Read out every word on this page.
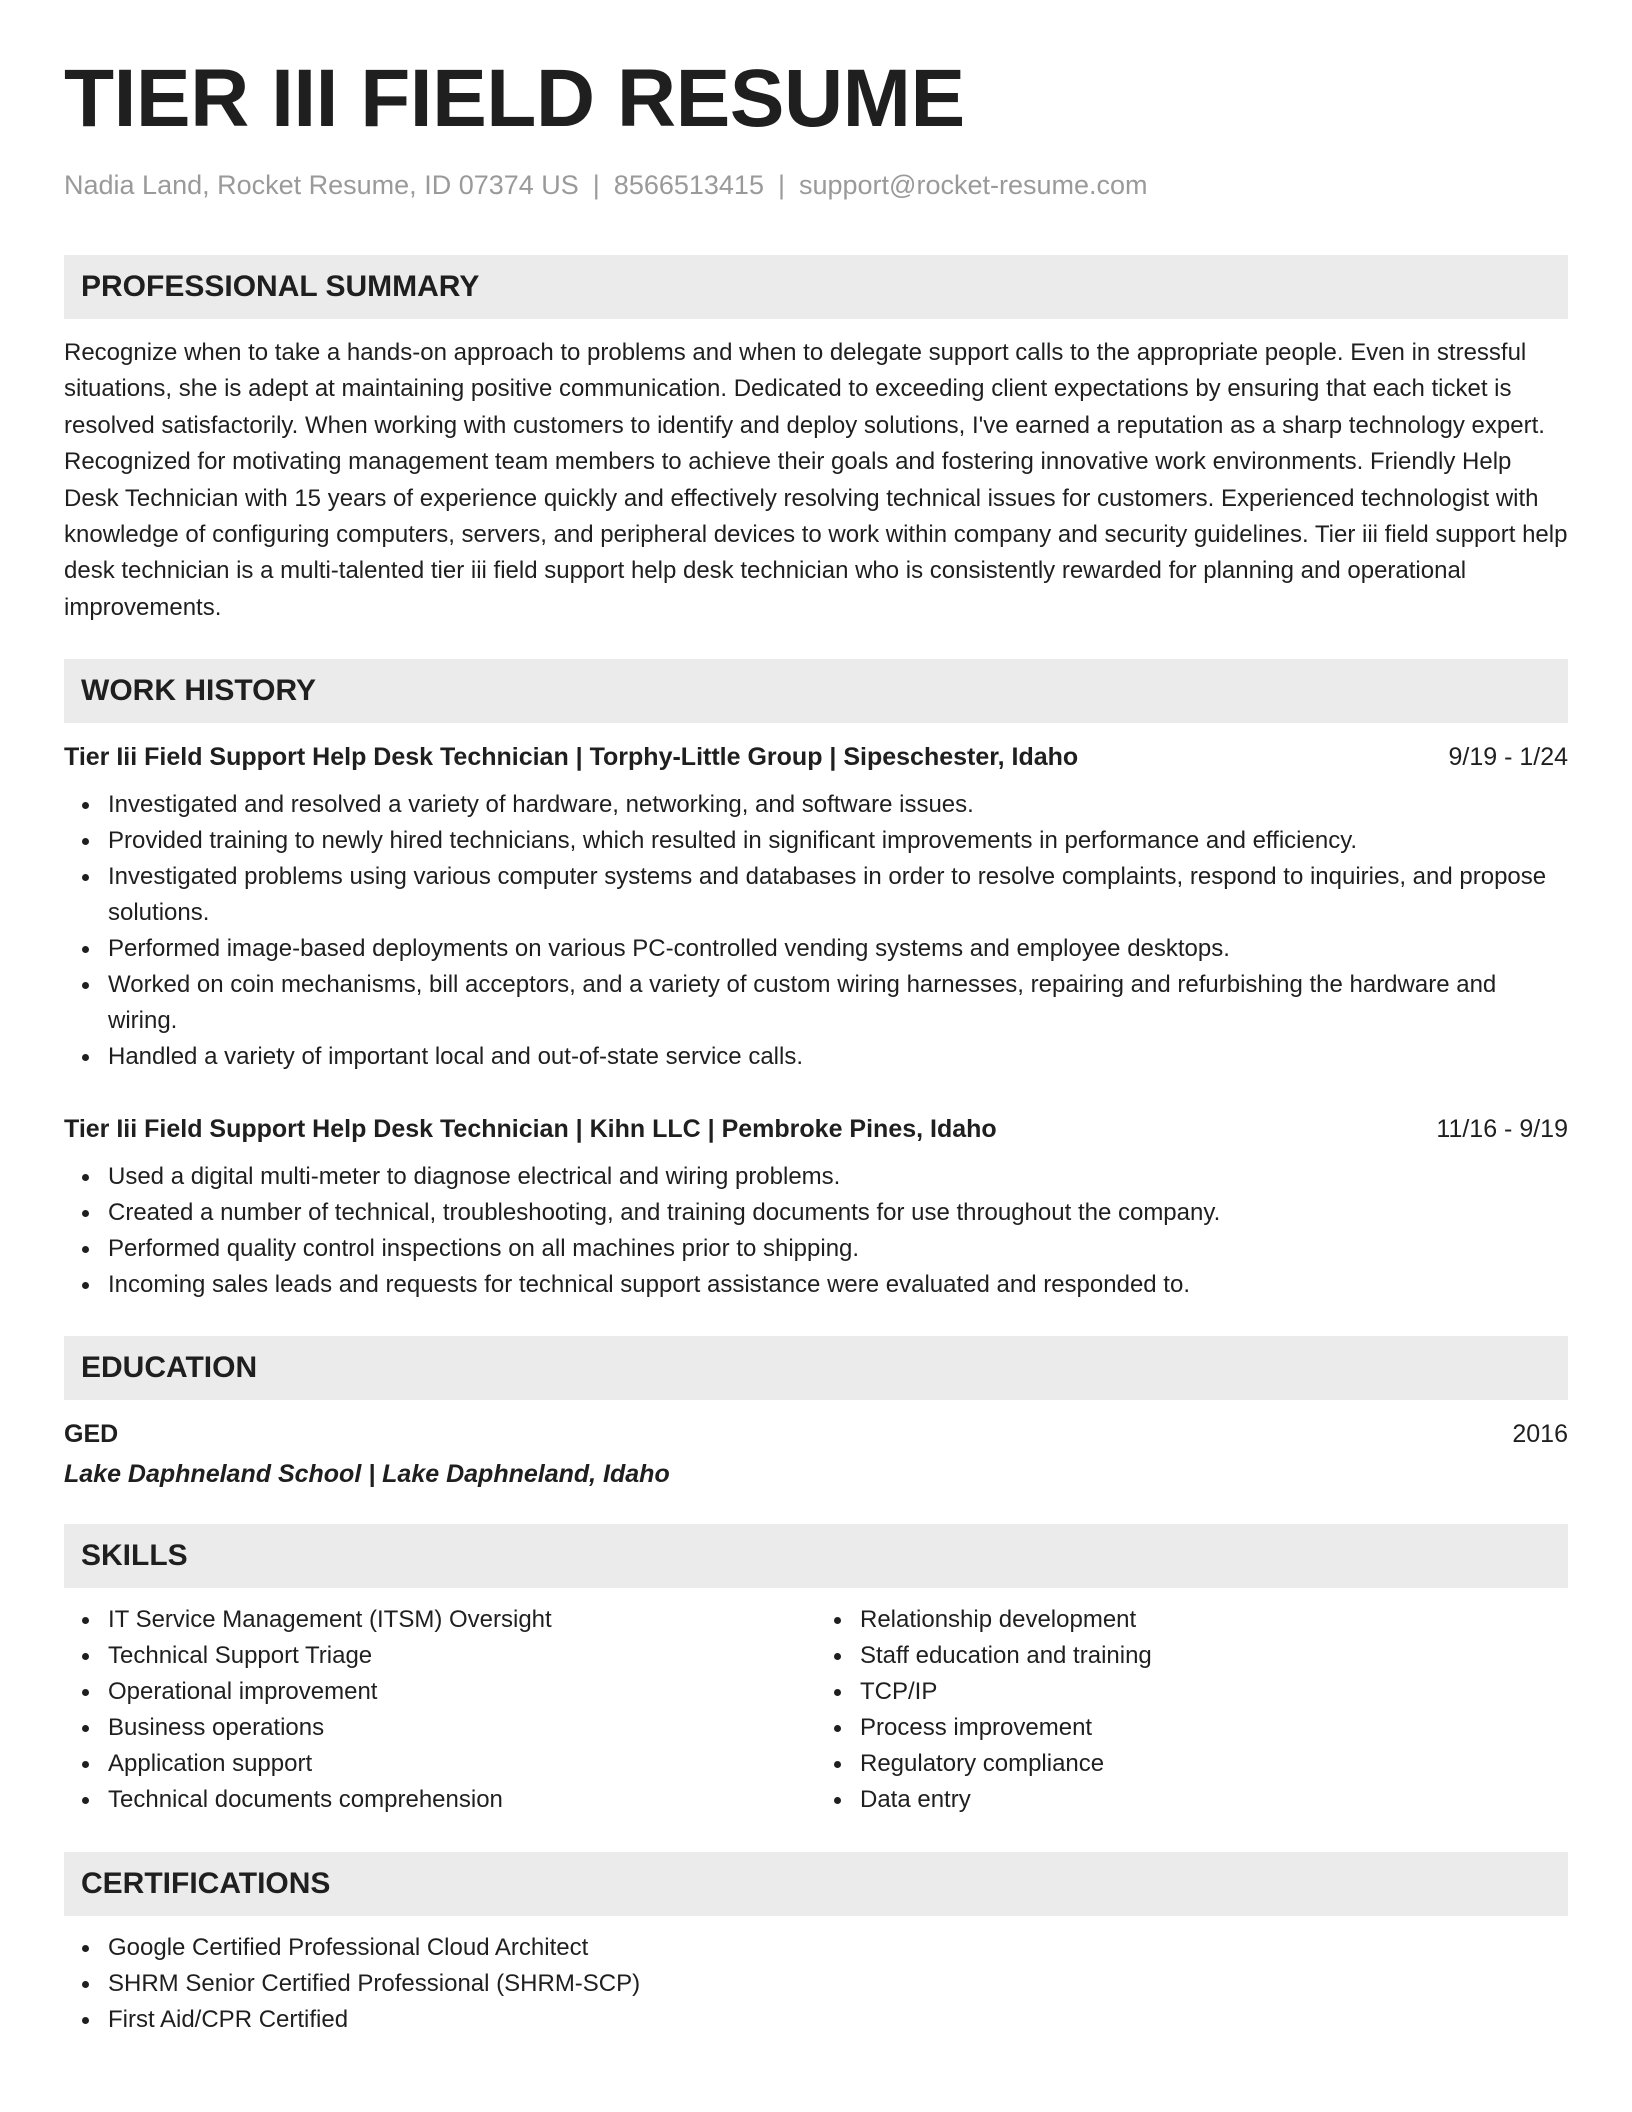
TIER III FIELD RESUME
Nadia Land, Rocket Resume, ID 07374 US | 8566513415 | support@rocket-resume.com
PROFESSIONAL SUMMARY

Recognize when to take a hands-on approach to problems and when to delegate support calls to the appropriate people. Even in stressful situations, she is adept at maintaining positive communication. Dedicated to exceeding client expectations by ensuring that each ticket is resolved satisfactorily. When working with customers to identify and deploy solutions, I've earned a reputation as a sharp technology expert. Recognized for motivating management team members to achieve their goals and fostering innovative work environments. Friendly Help Desk Technician with 15 years of experience quickly and effectively resolving technical issues for customers. Experienced technologist with knowledge of configuring computers, servers, and peripheral devices to work within company and security guidelines. Tier iii field support help desk technician is a multi-talented tier iii field support help desk technician who is consistently rewarded for planning and operational improvements.

WORK HISTORY
Tier Iii Field Support Help Desk Technician | Torphy-Little Group | Sipeschester, Idaho	9/19 - 1/24
Investigated and resolved a variety of hardware, networking, and software issues.
Provided training to newly hired technicians, which resulted in significant improvements in performance and efficiency.
Investigated problems using various computer systems and databases in order to resolve complaints, respond to inquiries, and propose solutions.
Performed image-based deployments on various PC-controlled vending systems and employee desktops.
Worked on coin mechanisms, bill acceptors, and a variety of custom wiring harnesses, repairing and refurbishing the hardware and wiring.
Handled a variety of important local and out-of-state service calls.
Tier Iii Field Support Help Desk Technician | Kihn LLC | Pembroke Pines, Idaho	11/16 - 9/19
Used a digital multi-meter to diagnose electrical and wiring problems.
Created a number of technical, troubleshooting, and training documents for use throughout the company.
Performed quality control inspections on all machines prior to shipping.
Incoming sales leads and requests for technical support assistance were evaluated and responded to.
EDUCATION
GED	2016
Lake Daphneland School | Lake Daphneland, Idaho
SKILLS
IT Service Management (ITSM) Oversight
Technical Support Triage
Operational improvement
Business operations
Application support
Technical documents comprehension
Relationship development
Staff education and training
TCP/IP
Process improvement
Regulatory compliance
Data entry
CERTIFICATIONS
Google Certified Professional Cloud Architect
SHRM Senior Certified Professional (SHRM-SCP)
First Aid/CPR Certified
